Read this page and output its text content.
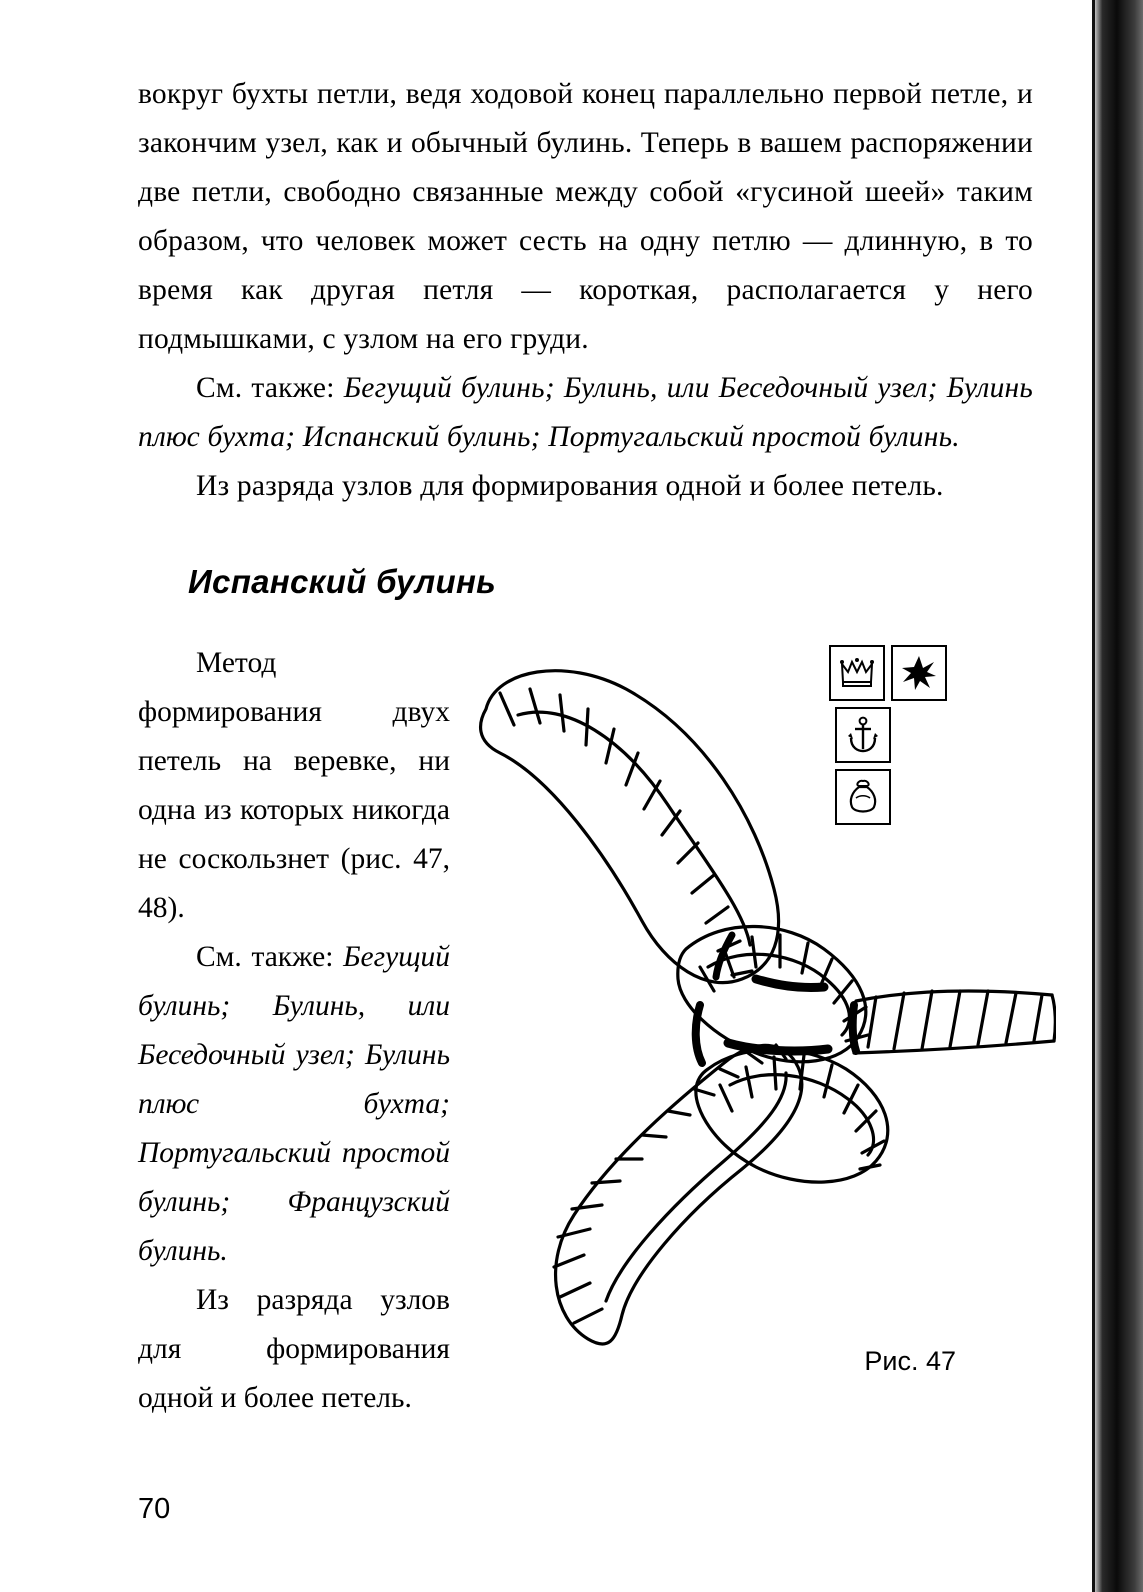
вокруг бухты петли, ведя ходовой конец параллельно первой петле, и закончим узел, как и обычный булинь. Теперь в вашем распоряжении две петли, свободно связанные между собой «гусиной шеей» таким образом, что человек может сесть на одну петлю — длинную, в то время как другая петля — короткая, располагается у него подмышками, с узлом на его груди.

См. также: Бегущий булинь; Булинь, или Беседочный узел; Булинь плюс бухта; Испанский булинь; Португальский простой булинь.

Из разряда узлов для формирования одной и более петель.

Испанский булинь

Метод формирования двух петель на веревке, ни одна из которых никогда не соскользнет (рис. 47, 48).

См. также: Бегущий булинь; Булинь, или Беседочный узел; Булинь плюс бухта; Португальский простой булинь; Французский булинь.

Из разряда узлов для формирования одной и более петель.

Рис. 47
70
